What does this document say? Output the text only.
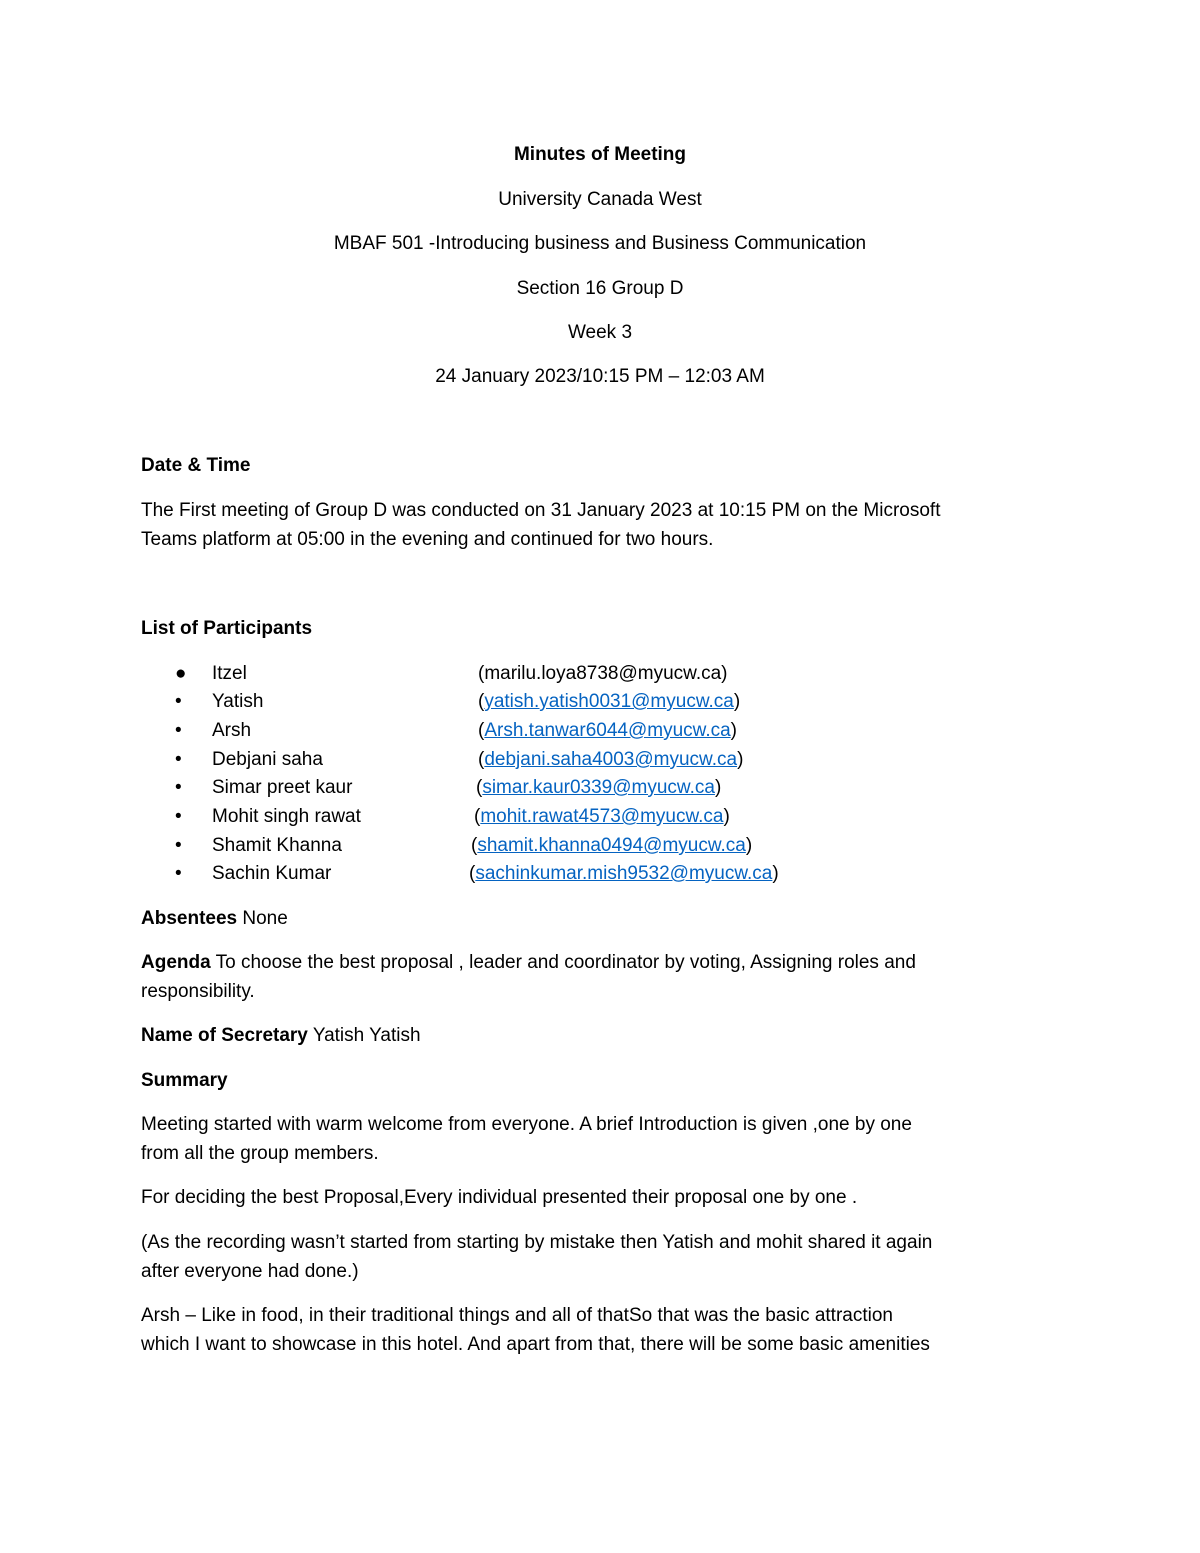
Minutes of Meeting
University Canada West
MBAF 501 -Introducing business and Business Communication
Section 16 Group D
Week 3
24 January 2023/10:15 PM – 12:03 AM
Date & Time
The First meeting of Group D was conducted on 31 January 2023 at 10:15 PM on the Microsoft
Teams platform at 05:00 in the evening and continued for two hours.
List of Participants
● Itzel	(marilu.loya8738@myucw.ca)
• Yatish	(yatish.yatish0031@myucw.ca)
• Arsh	(Arsh.tanwar6044@myucw.ca)
• Debjani saha	(debjani.saha4003@myucw.ca)
• Simar preet kaur	(simar.kaur0339@myucw.ca)
• Mohit singh rawat	(mohit.rawat4573@myucw.ca)
• Shamit Khanna	(shamit.khanna0494@myucw.ca)
• Sachin Kumar	(sachinkumar.mish9532@myucw.ca)
Absentees None
Agenda To choose the best proposal , leader and coordinator by voting, Assigning roles and
responsibility.
Name of Secretary Yatish Yatish
Summary
Meeting started with warm welcome from everyone. A brief Introduction is given ,one by one
from all the group members.
For deciding the best Proposal,Every individual presented their proposal one by one .
(As the recording wasn’t started from starting by mistake then Yatish and mohit shared it again
after everyone had done.)
Arsh – Like in food, in their traditional things and all of thatSo that was the basic attraction
which I want to showcase in this hotel. And apart from that, there will be some basic amenities
